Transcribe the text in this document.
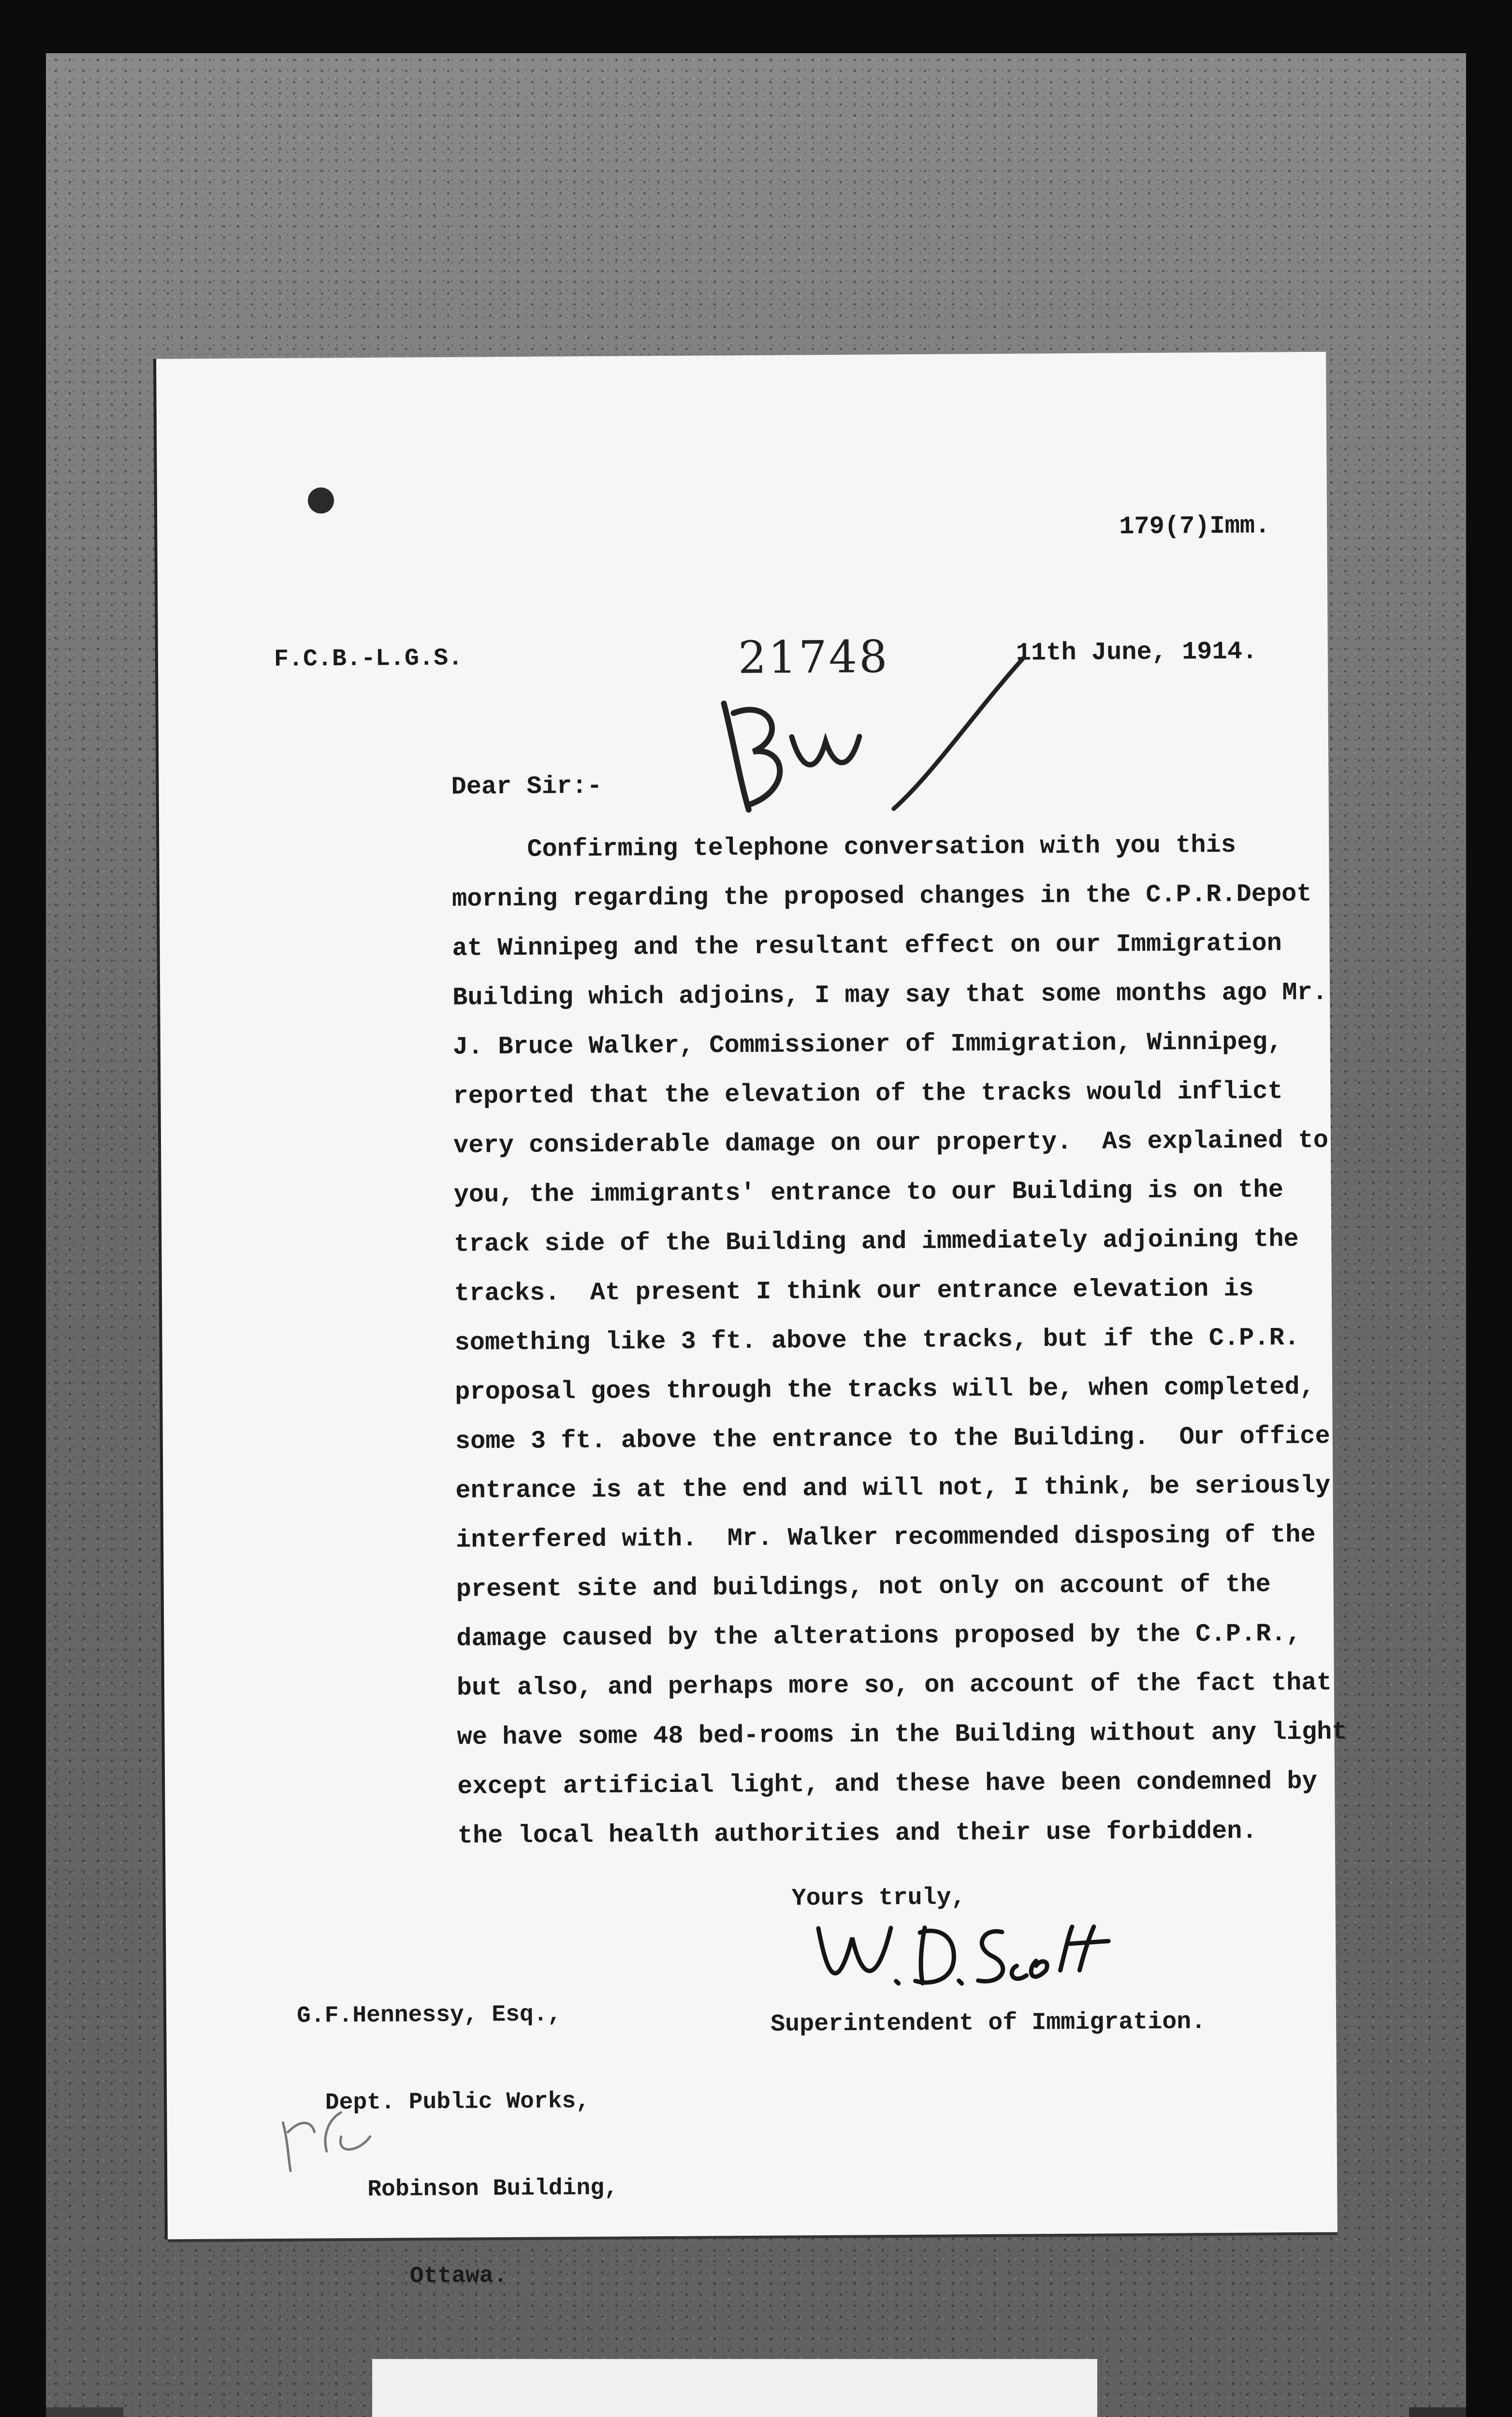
179(7)Imm.

F.C.B.-L.G.S.	11th June, 1914.

21748

Dear Sir:-

Confirming telephone conversation with you this
morning regarding the proposed changes in the C.P.R.Depot
at Winnipeg and the resultant effect on our Immigration
Building which adjoins, I may say that some months ago Mr.
J. Bruce Walker, Commissioner of Immigration, Winnipeg,
reported that the elevation of the tracks would inflict
very considerable damage on our property.  As explained to
you, the immigrants' entrance to our Building is on the
track side of the Building and immediately adjoining the
tracks.  At present I think our entrance elevation is
something like 3 ft. above the tracks, but if the C.P.R.
proposal goes through the tracks will be, when completed,
some 3 ft. above the entrance to the Building.  Our office
entrance is at the end and will not, I think, be seriously
interfered with.  Mr. Walker recommended disposing of the
present site and buildings, not only on account of the
damage caused by the alterations proposed by the C.P.R.,
but also, and perhaps more so, on account of the fact that
we have some 48 bed-rooms in the Building without any light
except artificial light, and these have been condemned by
the local health authorities and their use forbidden.

Yours truly,

Superintendent of Immigration.

G.F.Hennessy, Esq.,

Dept. Public Works,

Robinson Building,

Ottawa.
